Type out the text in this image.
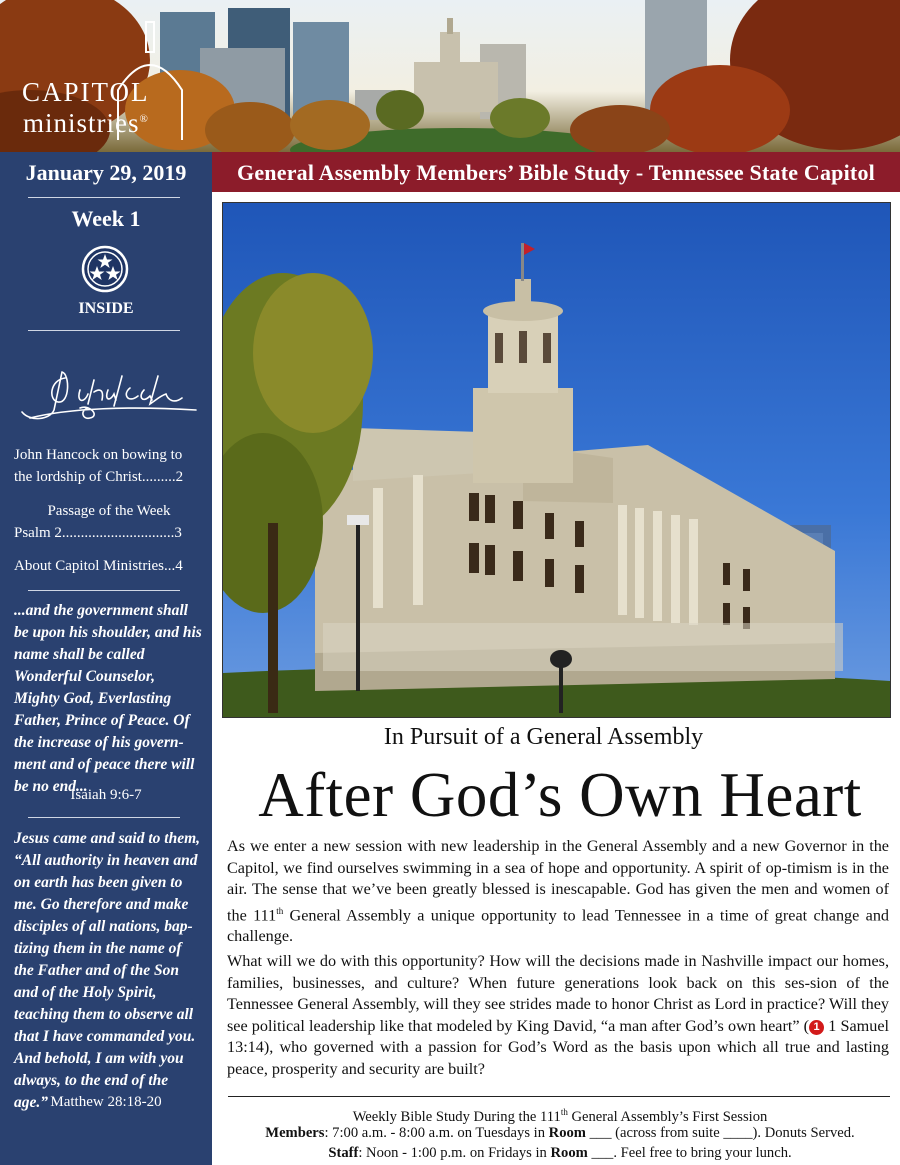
CAPITOL
ministries®
General Assembly Members’ Bible Study - Tennessee State Capitol
January 29, 2019
Week 1
INSIDE
John Hancock on bowing to
the lordship of Christ.........2
Passage of the Week
Psalm 2..............................3
About Capitol Ministries...4
...and the government shall be upon his shoulder, and his name shall be called Wonderful Counselor, Mighty God, Everlasting Father, Prince of Peace. Of the increase of his govern-ment and of peace there will be no end...
Isaiah 9:6-7
Jesus came and said to them, “All authority in heaven and on earth has been given to me. Go therefore and make disciples of all nations, bap-tizing them in the name of the Father and of the Son and of the Holy Spirit, teaching them to observe all that I have commanded you. And behold, I am with you always, to the end of the age.” Matthew 28:18-20
In Pursuit of a General Assembly
After God’s Own Heart
As we enter a new session with new leadership in the General Assembly and a new Governor in the Capitol, we find ourselves swimming in a sea of hope and opportunity. A spirit of op-timism is in the air. The sense that we’ve been greatly blessed is inescapable. God has given the men and women of the 111th General Assembly a unique opportunity to lead Tennessee in a time of great change and challenge.
What will we do with this opportunity? How will the decisions made in Nashville impact our homes, families, businesses, and culture? When future generations look back on this ses-sion of the Tennessee General Assembly, will they see strides made to honor Christ as Lord in practice? Will they see political leadership like that modeled by King David, “a man after God’s own heart” ( 1 1 Samuel 13:14), who governed with a passion for God’s Word as the basis upon which all true and lasting peace, prosperity and security are built?
Weekly Bible Study During the 111th General Assembly’s First Session
Members: 7:00 a.m. - 8:00 a.m. on Tuesdays in Room ___ (across from suite ____). Donuts Served.
Staff: Noon - 1:00 p.m. on Fridays in Room ___. Feel free to bring your lunch.
